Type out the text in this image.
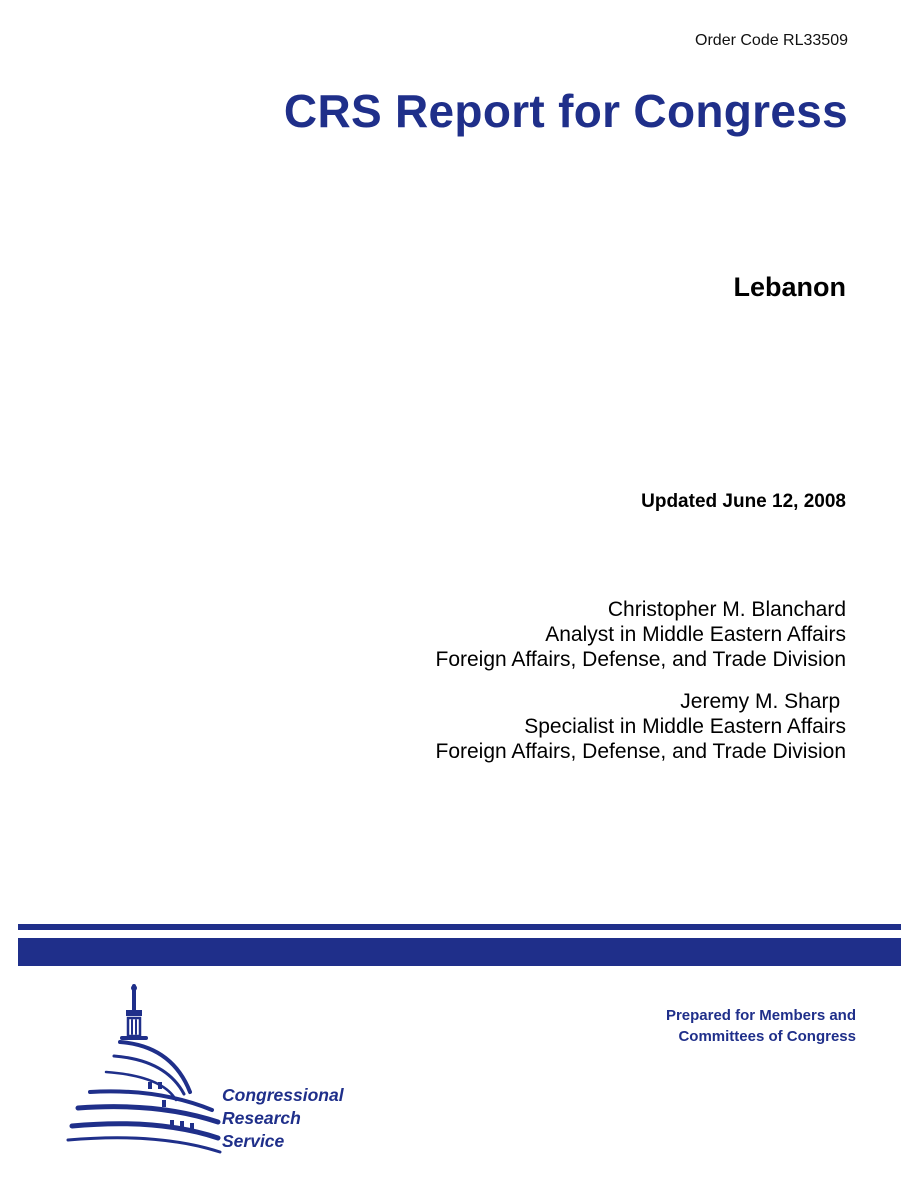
Order Code RL33509
CRS Report for Congress
Lebanon
Updated June 12, 2008
Christopher M. Blanchard
Analyst in Middle Eastern Affairs
Foreign Affairs, Defense, and Trade Division
Jeremy M. Sharp
Specialist in Middle Eastern Affairs
Foreign Affairs, Defense, and Trade Division
Prepared for Members and
Committees of Congress
Congressional
Research
Service
